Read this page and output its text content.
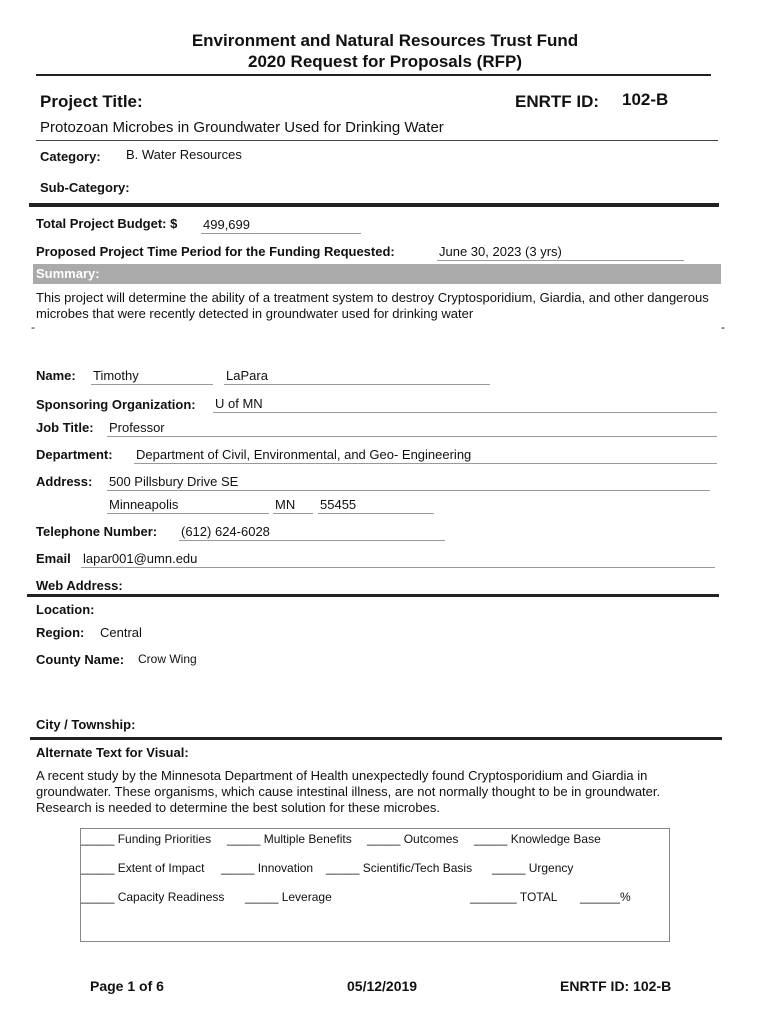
Environment and Natural Resources Trust Fund
2020 Request for Proposals (RFP)
Project Title:	ENRTF ID: 102-B
Protozoan Microbes in Groundwater Used for Drinking Water
Category: B. Water Resources
Sub-Category:
Total Project Budget: $ 499,699
Proposed Project Time Period for the Funding Requested:	June 30, 2023 (3 yrs)
Summary:
This project will determine the ability of a treatment system to destroy Cryptosporidium, Giardia, and other dangerous microbes that were recently detected in groundwater used for drinking water
-	-
Name: Timothy	LaPara
Sponsoring Organization: U of MN
Job Title: Professor
Department: Department of Civil, Environmental, and Geo- Engineering
Address: 500 Pillsbury Drive SE
Minneapolis	MN	55455
Telephone Number: (612) 624-6028
Email lapar001@umn.edu
Web Address:
Location:
Region: Central
County Name: Crow Wing
City / Township:
Alternate Text for Visual:
A recent study by the Minnesota Department of Health unexpectedly found Cryptosporidium and Giardia in groundwater. These organisms, which cause intestinal illness, are not normally thought to be in groundwater. Research is needed to determine the best solution for these microbes.
_____ Funding Priorities _____ Multiple Benefits _____ Outcomes _____ Knowledge Base
_____ Extent of Impact _____ Innovation _____ Scientific/Tech Basis _____ Urgency
_____ Capacity Readiness _____ Leverage	_______ TOTAL ______%
Page 1 of 6	05/12/2019	ENRTF ID: 102-B
